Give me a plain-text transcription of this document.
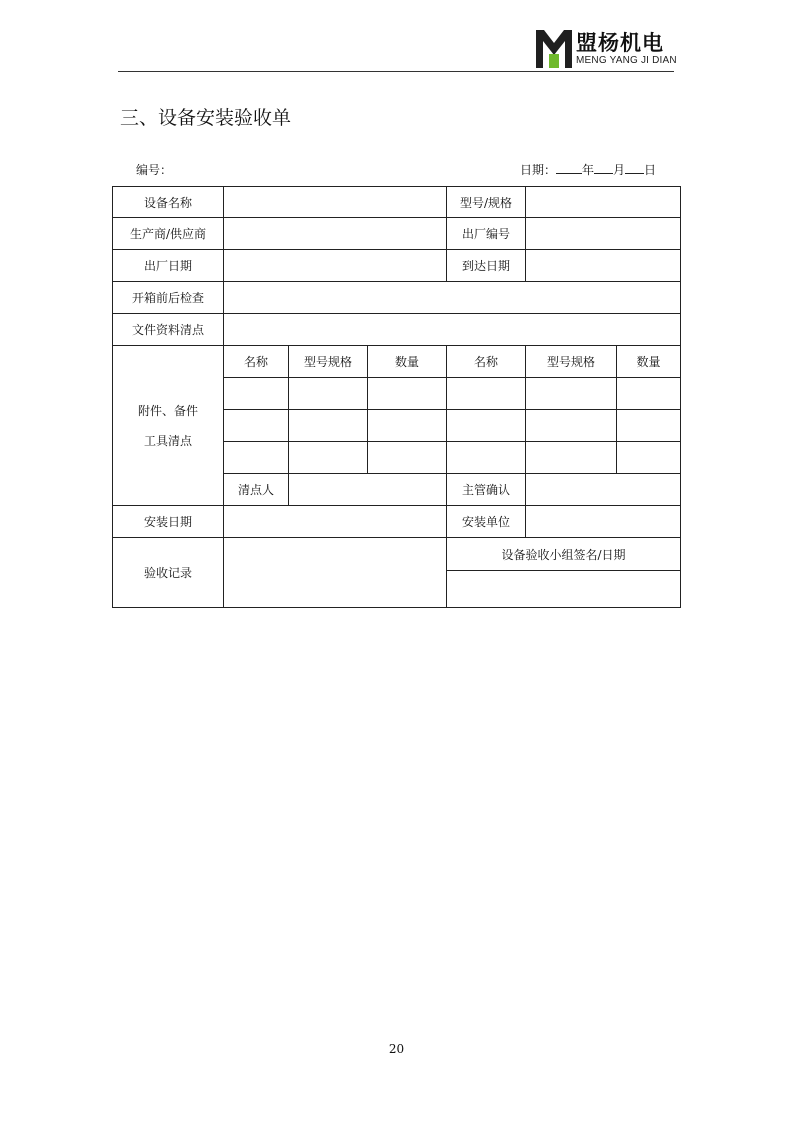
盟杨机电
MENG YANG JI DIAN
三、设备安装验收单
编号：	日期： 年 月 日
设备名称				型号/规格		
生产商/供应商				出厂编号		
出厂日期				到达日期		
开箱前后检查						
文件资料清点						

附件、备件
工具清点	名称	型号规格	数量	名称	型号规格	数量

	清点人			主管确认		
安装日期				安装单位		
验收记录				设备验收小组签名/日期		

20
